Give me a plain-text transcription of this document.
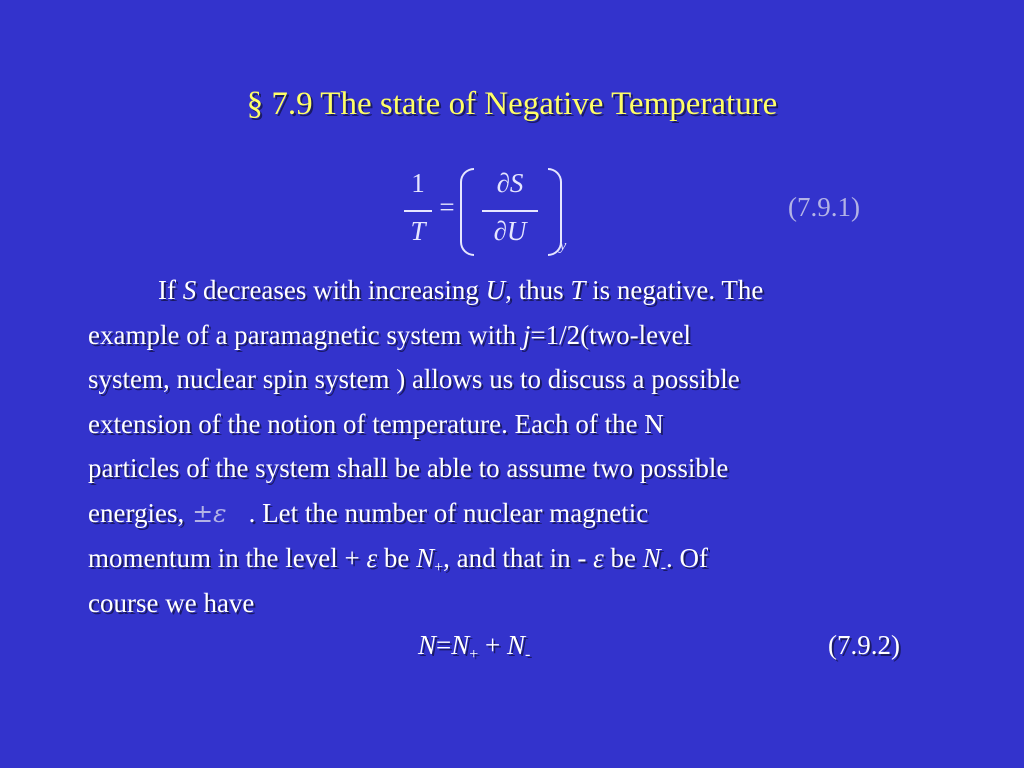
§ 7.9 The state of Negative Temperature
1
T
=
∂S
∂U	y
(7.9.1)
If S decreases with increasing U, thus T is negative. The
example of a paramagnetic system with j=1/2(two-level
system, nuclear spin system ) allows us to discuss a possible
extension of the notion of temperature. Each of the N
particles of the system shall be able to assume two possible
energies, ±ε . Let the number of nuclear magnetic
momentum in the level + ε be $N_+$, and that in - ε be $N_-$. Of
course we have
$N=N_+ + N_-$	(7.9.2)
